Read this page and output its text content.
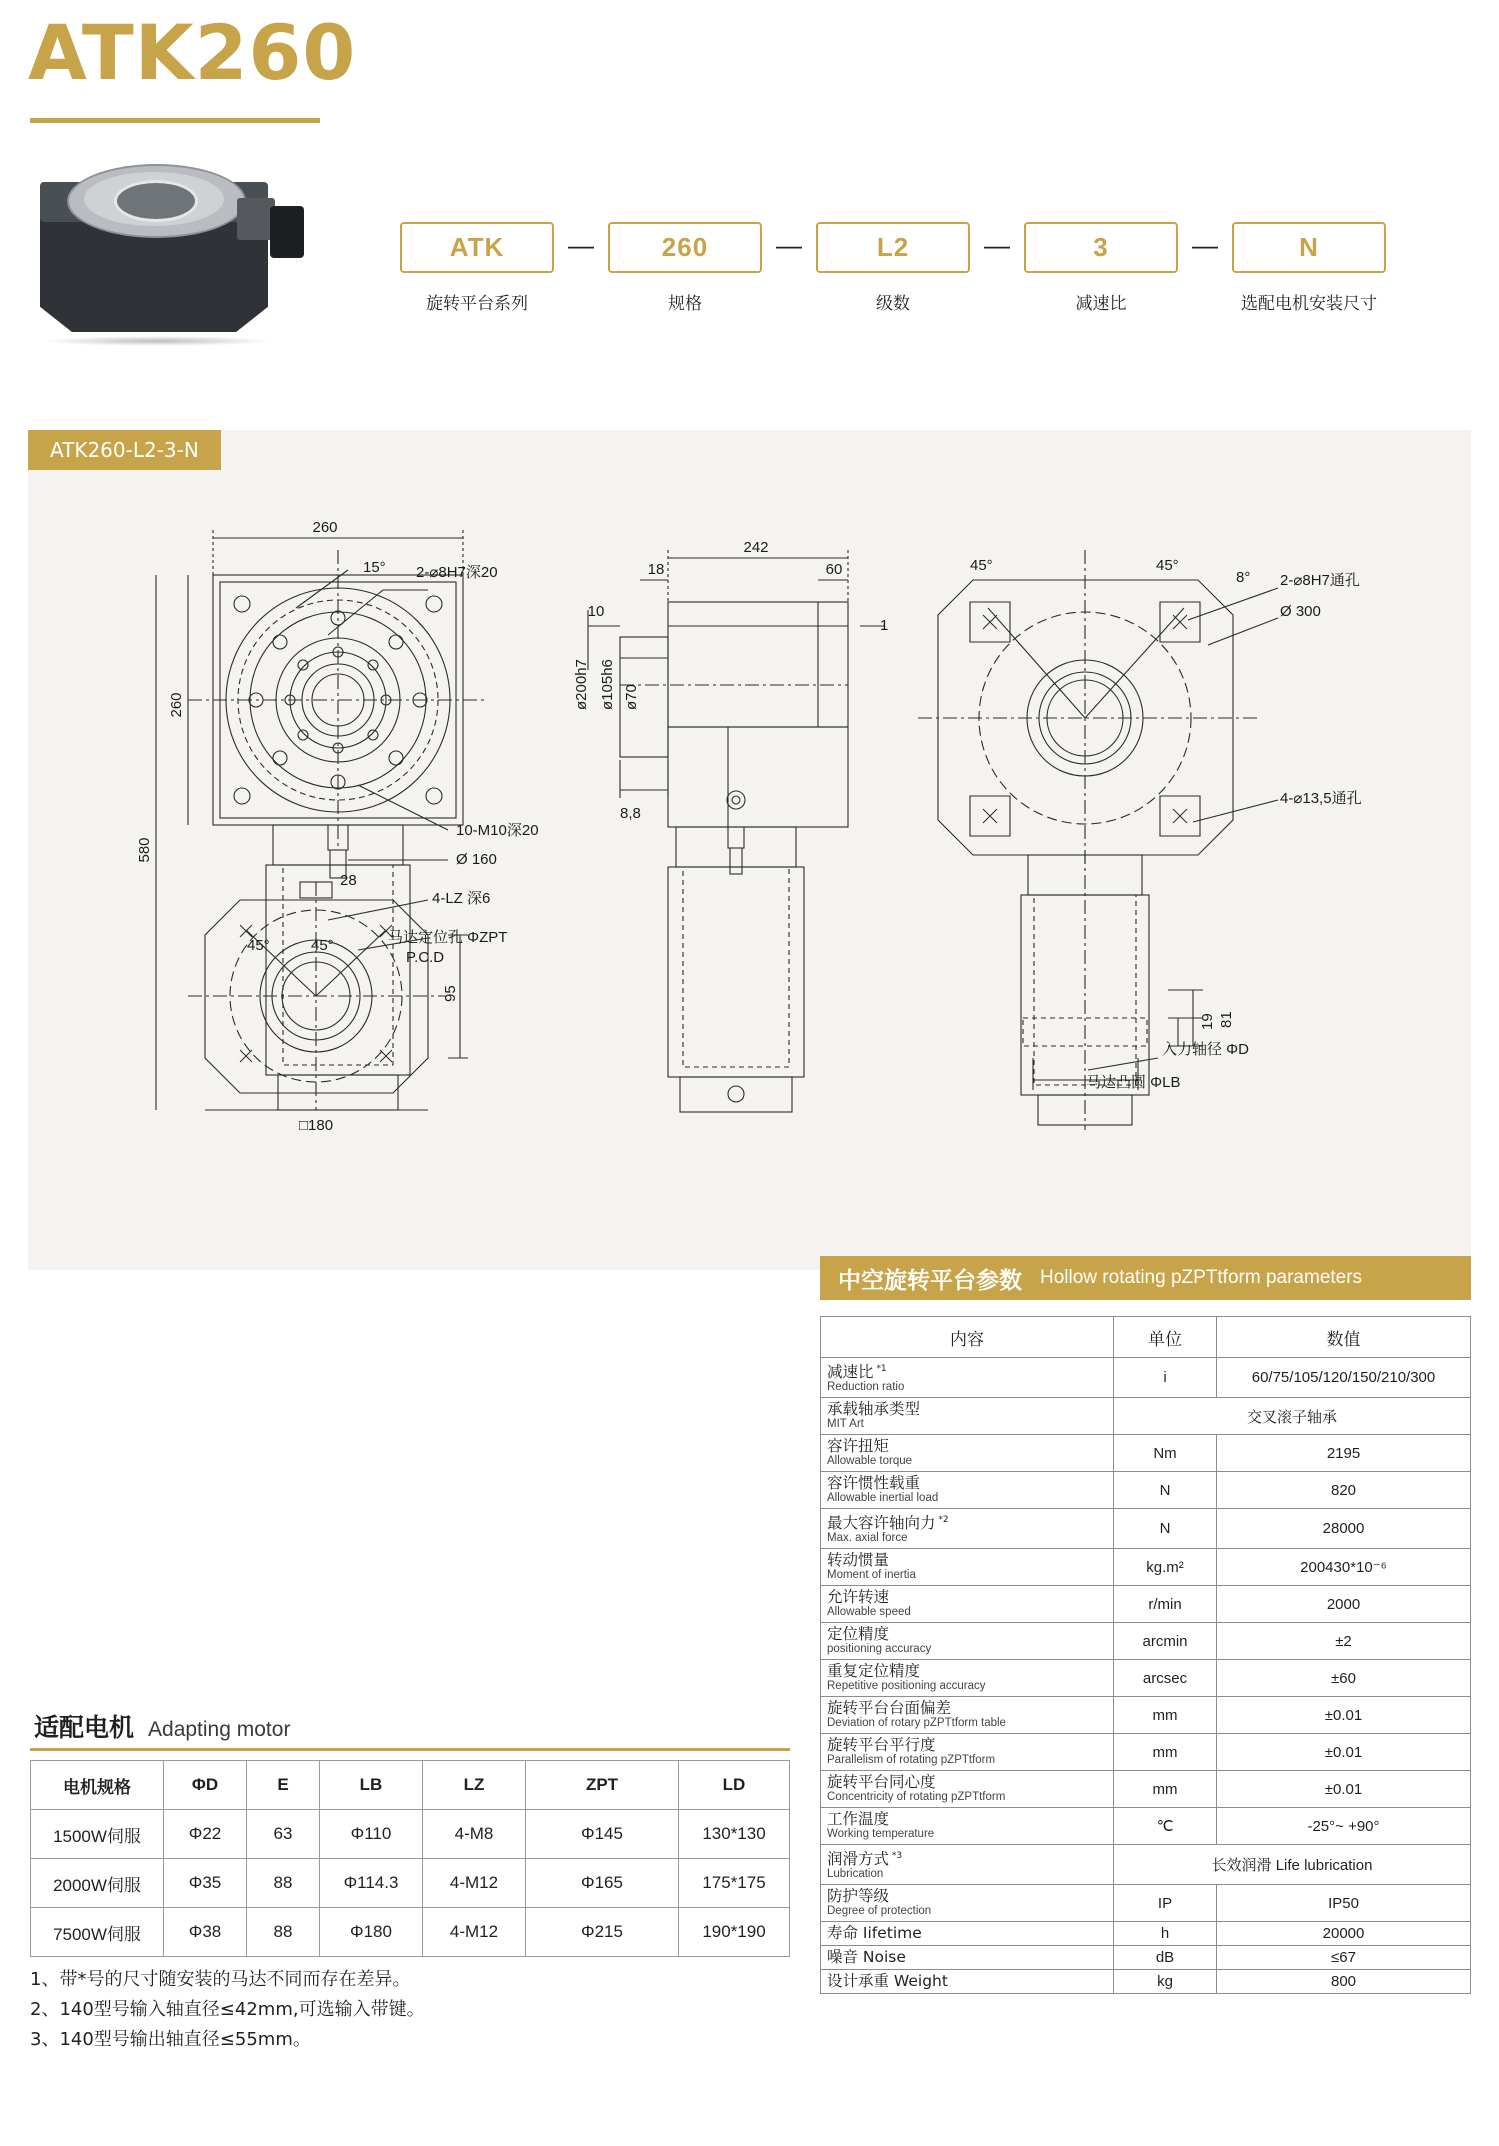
ATK260
ATK
旋转平台系列
—	260
规格
—	L2
级数
—	3
减速比
—	N
选配电机安装尺寸
260
260
580
15° 2-⌀8H7深20
10-M10深20
Ø 160
28
242
18	60
10
1
8,8
ø200h7 ø105h6 ø70
45°	45°
8° 2-⌀8H7通孔
Ø 300
4-⌀13,5通孔
19 81
入力轴径 ΦD
马达凸圆 ΦLB
4-LZ 深6
马达定位孔 ΦZPT
P.C.D
45°	45°
95
□180
ATK260-L2-3-N
适配电机 Adapting motor
电机规格	ΦD	E	LB	LZ	ZPT	LD
1500W伺服	Φ22	63	Φ110	4-M8	Φ145	130*130
2000W伺服	Φ35	88	Φ114.3	4-M12	Φ165	175*175
7500W伺服	Φ38	88	Φ180	4-M12	Φ215	190*190
1、带*号的尺寸随安装的马达不同而存在差异。
2、140型号输入轴直径≤42mm,可选输入带键。
3、140型号输出轴直径≤55mm。
中空旋转平台参数 Hollow rotating pZPTtform parameters
内容	单位	数值

减速比 $^{*1}$
Reduction ratio	i	60/75/105/120/150/210/300

承载轴承类型
MIT Art	交叉滚子轴承	

容许扭矩
Allowable torque	Nm	2195

容许惯性载重
Allowable inertial load	N	820

最大容许轴向力 $^{*2}$
Max. axial force	N	28000

转动惯量
Moment of inertia	kg.m²	200430*10⁻⁶

允许转速
Allowable speed	r/min	2000

定位精度
positioning accuracy	arcmin	±2

重复定位精度
Repetitive positioning accuracy	arcsec	±60

旋转平台台面偏差
Deviation of rotary pZPTtform table	mm	±0.01

旋转平台平行度
Parallelism of rotating pZPTtform	mm	±0.01

旋转平台同心度
Concentricity of rotating pZPTtform	mm	±0.01

工作温度
Working temperature	℃	-25°~ +90°

润滑方式 $^{*3}$
Lubrication	长效润滑 Life lubrication	

防护等级
Degree of protection	IP	IP50

寿命 Iifetime	h	20000

噪音 Noise	dB	≤67

设计承重 Weight	kg	800
